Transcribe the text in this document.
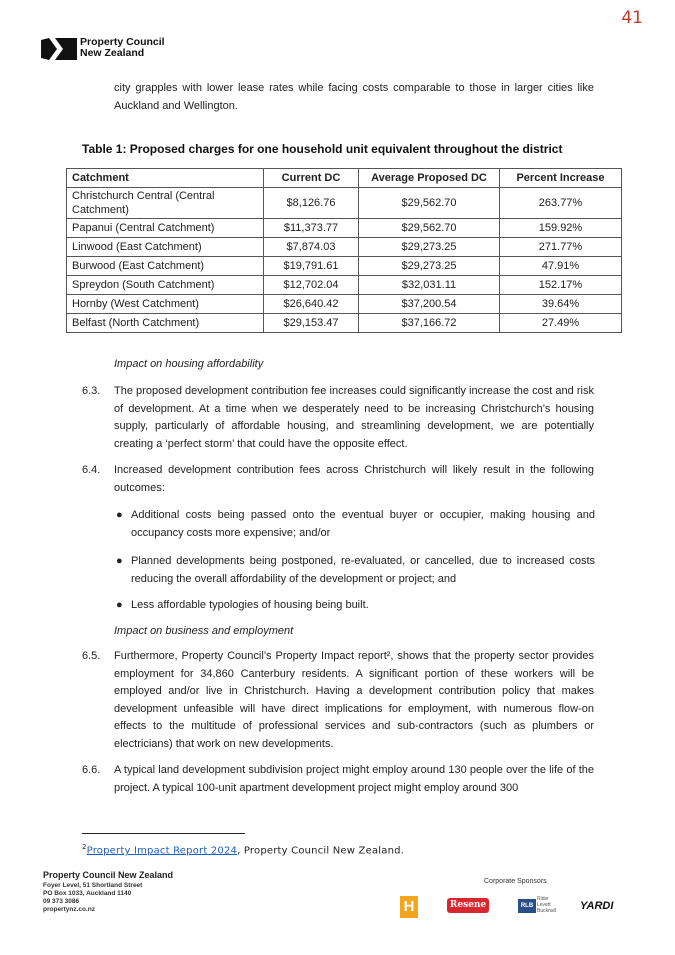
41
Property Council
New Zealand
city grapples with lower lease rates while facing costs comparable to those in larger cities like Auckland and Wellington.
Table 1: Proposed charges for one household unit equivalent throughout the district
Catchment	Current DC	Average Proposed DC	Percent Increase
Christchurch Central (Central Catchment)	$8,126.76	$29,562.70	263.77%
Papanui (Central Catchment)	$11,373.77	$29,562.70	159.92%
Linwood (East Catchment)	$7,874.03	$29,273.25	271.77%
Burwood (East Catchment)	$19,791.61	$29,273.25	47.91%
Spreydon (South Catchment)	$12,702.04	$32,031.11	152.17%
Hornby (West Catchment)	$26,640.42	$37,200.54	39.64%
Belfast (North Catchment)	$29,153.47	$37,166.72	27.49%
Impact on housing affordability
6.3.	The proposed development contribution fee increases could significantly increase the cost and risk of development. At a time when we desperately need to be increasing Christchurch’s housing supply, particularly of affordable housing, and streamlining development, we are potentially creating a ‘perfect storm’ that could have the opposite effect.
6.4.	Increased development contribution fees across Christchurch will likely result in the following outcomes:
● Additional costs being passed onto the eventual buyer or occupier, making housing and occupancy costs more expensive; and/or
● Planned developments being postponed, re-evaluated, or cancelled, due to increased costs reducing the overall affordability of the development or project; and
● Less affordable typologies of housing being built.
Impact on business and employment
6.5.	Furthermore, Property Council’s Property Impact report², shows that the property sector provides employment for 34,860 Canterbury residents. A significant portion of these workers will be employed and/or live in Christchurch. Having a development contribution policy that makes development unfeasible will have direct implications for employment, with numerous flow-on effects to the multitude of professional services and sub-contractors (such as plumbers or electricians) that work on new developments.
6.6.	A typical land development subdivision project might employ around 130 people over the life of the project. A typical 100-unit apartment development project might employ around 300
$^2$Property Impact Report 2024, Property Council New Zealand.
Property Council New Zealand
Foyer Level, 51 Shortland Street
PO Box 1033, Auckland 1140
09 373 3086
propertynz.co.nz
Corporate Sponsors
H	Resene	RLB
Rider Levett Bucknall	YARDI
